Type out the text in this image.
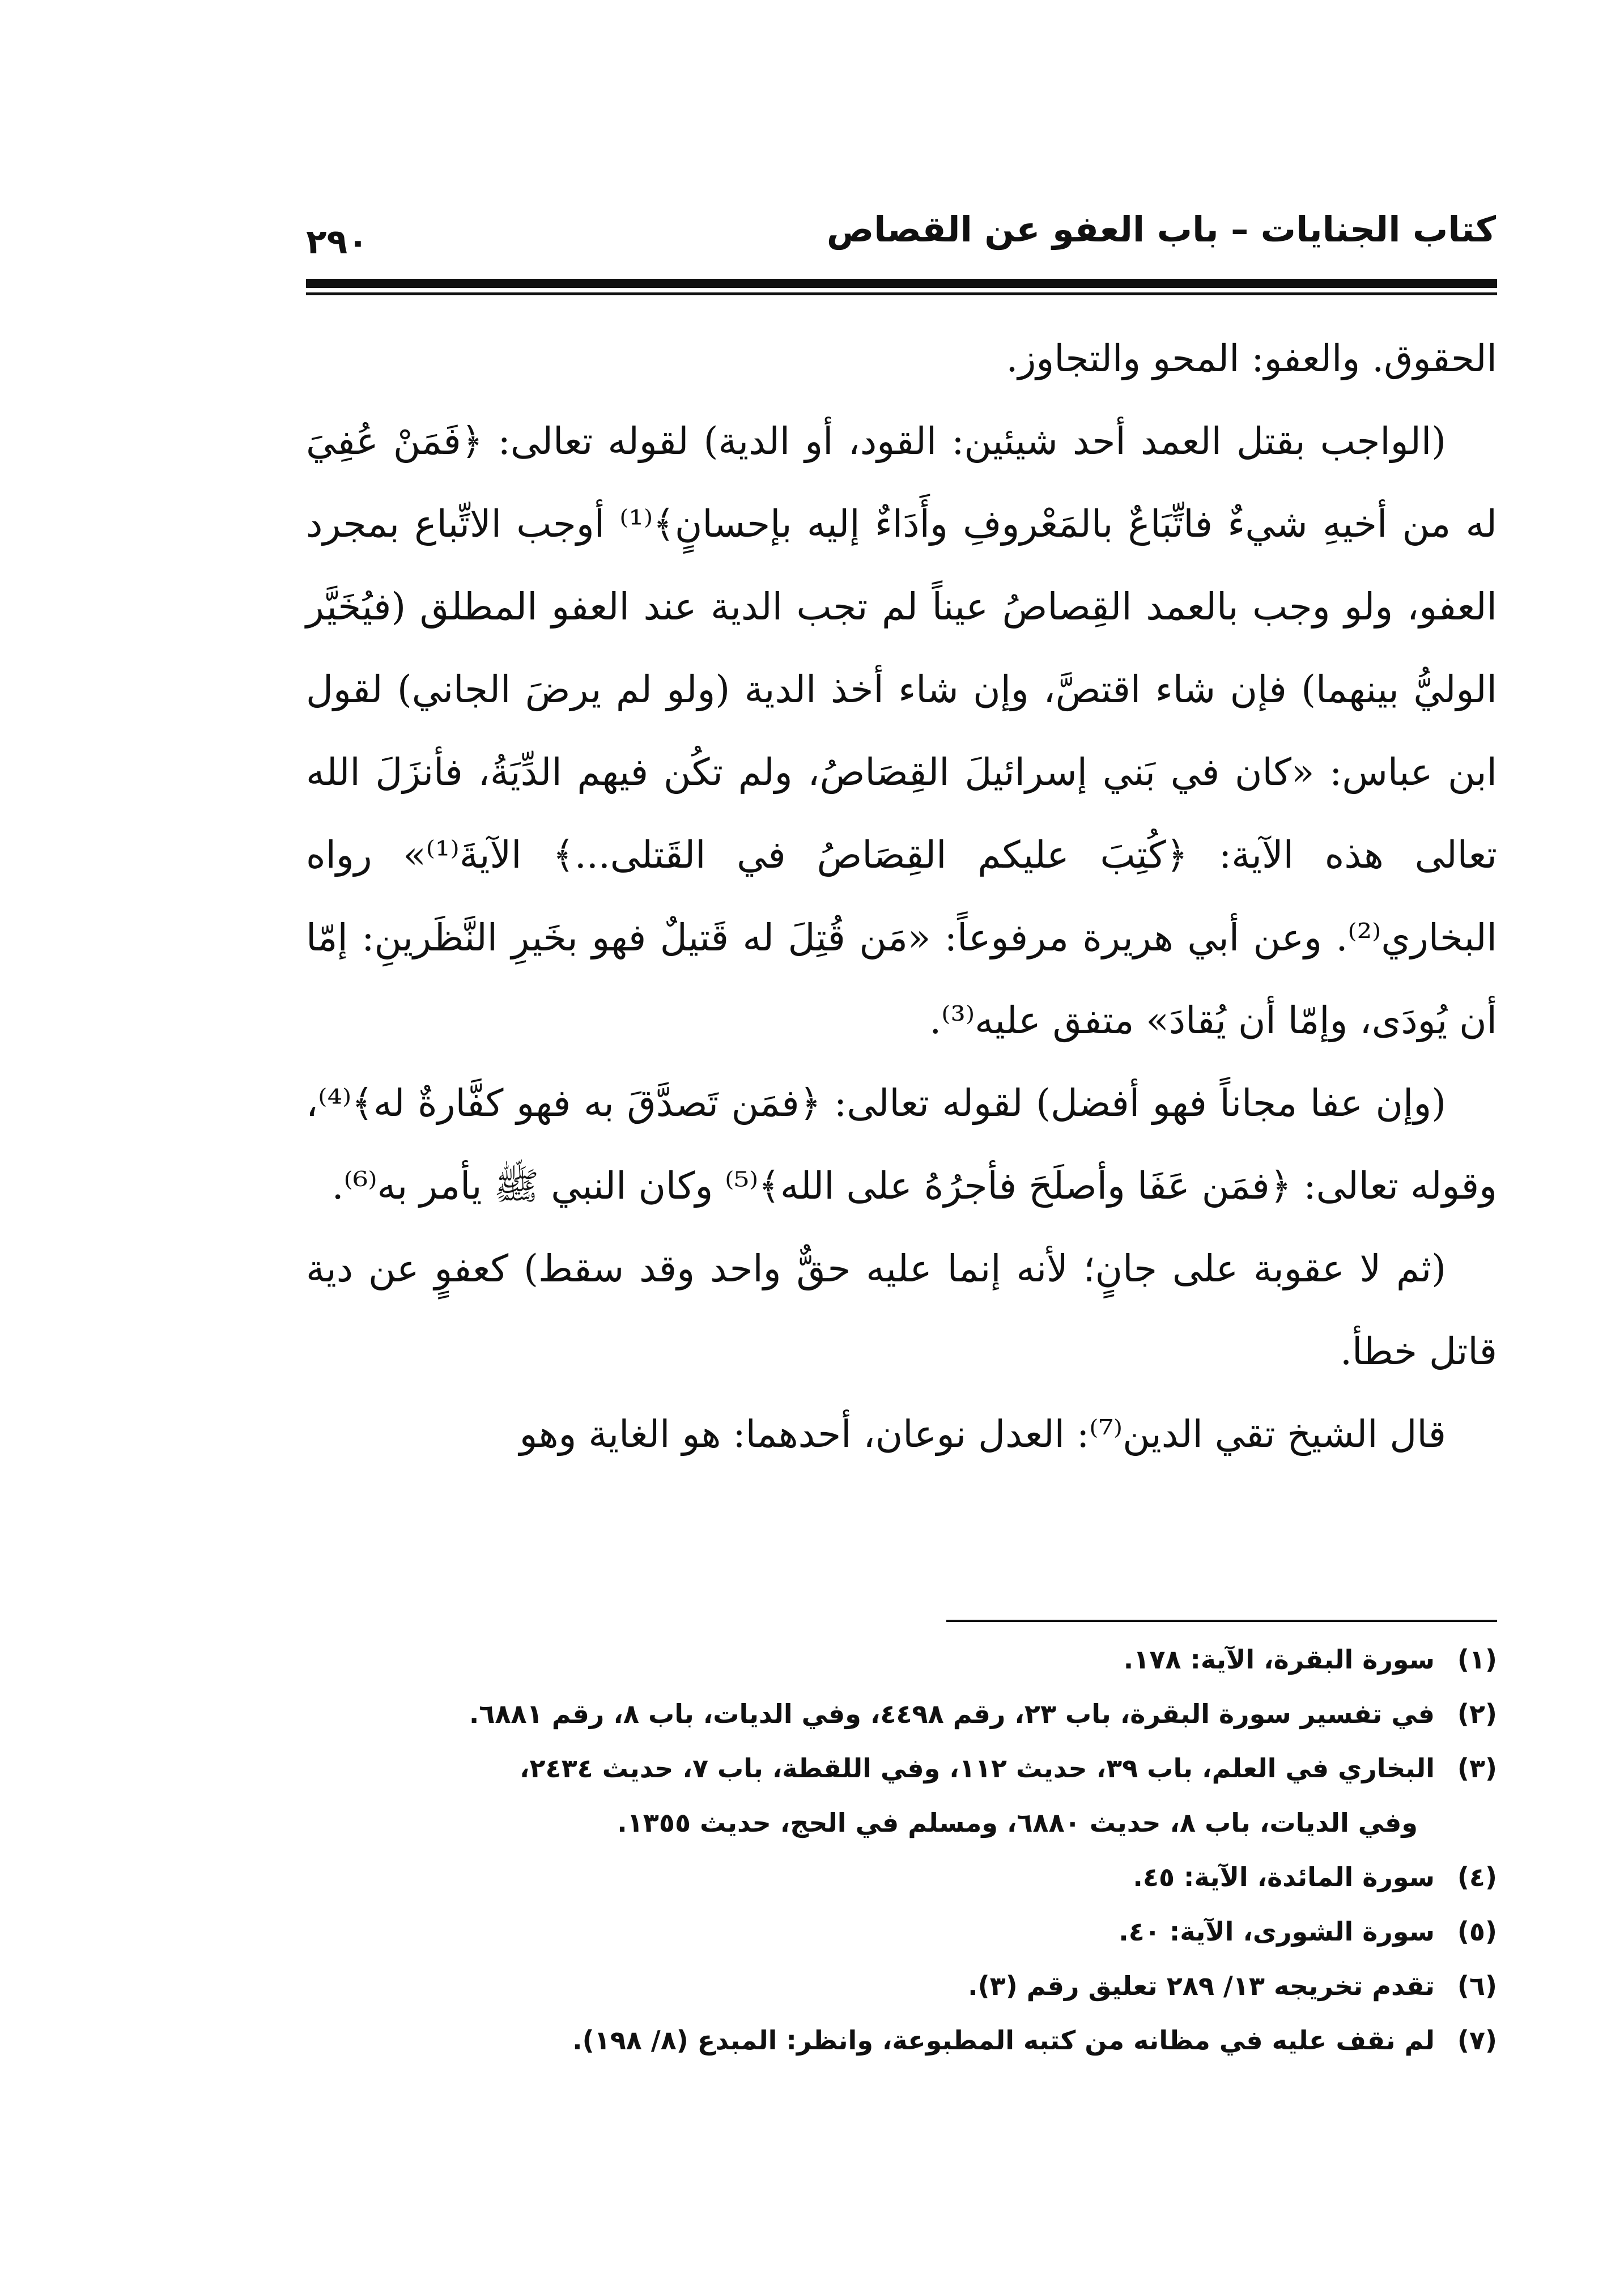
كتاب الجنايات – باب العفو عن القصاص
٢٩٠

الحقوق. والعفو: المحو والتجاوز.

(الواجب بقتل العمد أحد شيئين: القود، أو الدية) لقوله تعالى: ﴿فَمَنْ عُفِيَ له من أخيهِ شيءٌ فاتِّبَاعٌ بالمَعْروفِ وأَدَاءٌ إليه بإحسانٍ﴾⁽¹⁾ أوجب الاتِّباع بمجرد العفو، ولو وجب بالعمد القِصاصُ عيناً لم تجب الدية عند العفو المطلق (فيُخَيَّر الوليُّ بينهما) فإن شاء اقتصَّ، وإن شاء أخذ الدية (ولو لم يرضَ الجاني) لقول ابن عباس: «كان في بَني إسرائيلَ القِصَاصُ، ولم تكُن فيهم الدِّيَةُ، فأنزَلَ الله تعالى هذه الآية: ﴿كُتِبَ عليكم القِصَاصُ في القَتلى...﴾ الآيةَ⁽¹⁾» رواه البخاري⁽²⁾. وعن أبي هريرة مرفوعاً: «مَن قُتِلَ له قَتيلٌ فهو بخَيرِ النَّظَرينِ: إمّا أن يُودَى، وإمّا أن يُقادَ» متفق عليه⁽³⁾.

(وإن عفا مجاناً فهو أفضل) لقوله تعالى: ﴿فمَن تَصدَّقَ به فهو كفَّارةٌ له﴾⁽⁴⁾، وقوله تعالى: ﴿فمَن عَفَا وأصلَحَ فأجرُهُ على الله﴾⁽⁵⁾ وكان النبي ﷺ يأمر به⁽⁶⁾.

(ثم لا عقوبة على جانٍ؛ لأنه إنما عليه حقٌّ واحد وقد سقط) كعفوٍ عن دية قاتل خطأ.

قال الشيخ تقي الدين⁽⁷⁾: العدل نوعان، أحدهما: هو الغاية وهو

(١)
سورة البقرة، الآية: ١٧٨.

(٢)
في تفسير سورة البقرة، باب ٢٣، رقم ٤٤٩٨، وفي الديات، باب ٨، رقم ٦٨٨١.

(٣)
البخاري في العلم، باب ٣٩، حديث ١١٢، وفي اللقطة، باب ٧، حديث ٢٤٣٤،
وفي الديات، باب ٨، حديث ٦٨٨٠، ومسلم في الحج، حديث ١٣٥٥.

(٤)
سورة المائدة، الآية: ٤٥.

(٥)
سورة الشورى، الآية: ٤٠.

(٦)
تقدم تخريجه ١٣/ ٢٨٩ تعليق رقم (٣).

(٧)
لم نقف عليه في مظانه من كتبه المطبوعة، وانظر: المبدع (٨/ ١٩٨).
